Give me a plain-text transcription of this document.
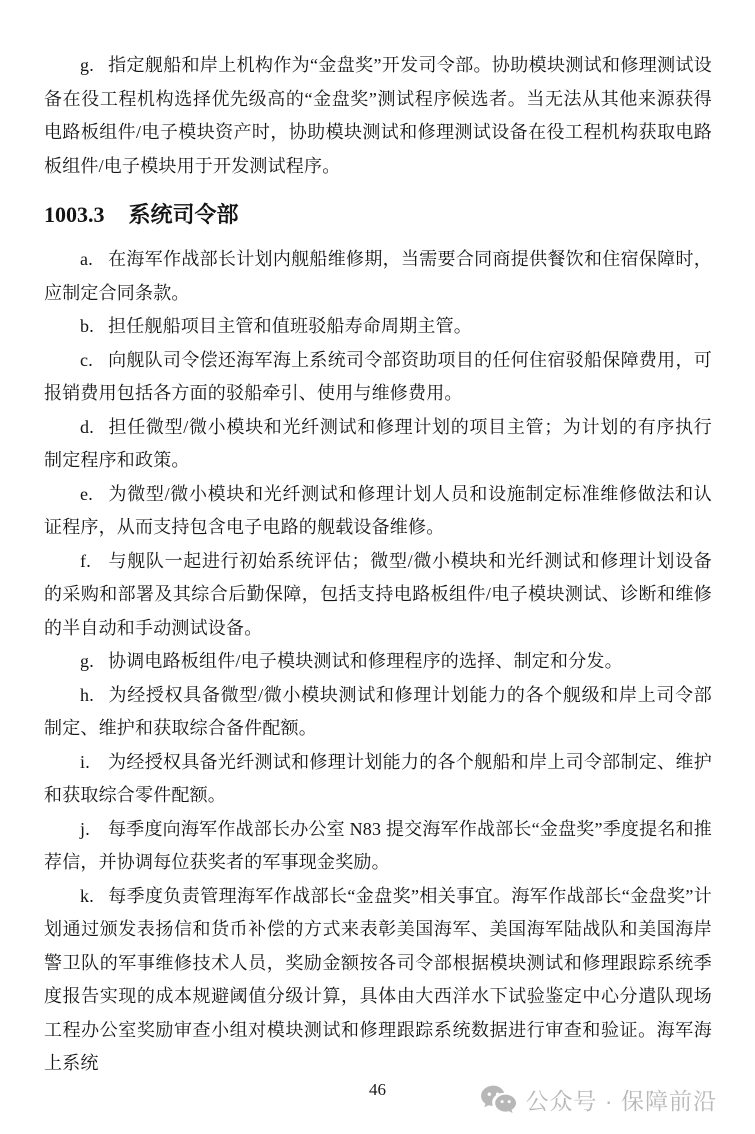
g. 指定舰船和岸上机构作为“金盘奖”开发司令部。协助模块测试和修理测试设备在役工程机构选择优先级高的“金盘奖”测试程序候选者。当无法从其他来源获得电路板组件/电子模块资产时，协助模块测试和修理测试设备在役工程机构获取电路板组件/电子模块用于开发测试程序。

1003.3 系统司令部

a. 在海军作战部长计划内舰船维修期，当需要合同商提供餐饮和住宿保障时，应制定合同条款。

b. 担任舰船项目主管和值班驳船寿命周期主管。

c. 向舰队司令偿还海军海上系统司令部资助项目的任何住宿驳船保障费用，可报销费用包括各方面的驳船牵引、使用与维修费用。

d. 担任微型/微小模块和光纤测试和修理计划的项目主管；为计划的有序执行制定程序和政策。

e. 为微型/微小模块和光纤测试和修理计划人员和设施制定标准维修做法和认证程序，从而支持包含电子电路的舰载设备维修。

f. 与舰队一起进行初始系统评估；微型/微小模块和光纤测试和修理计划设备的采购和部署及其综合后勤保障，包括支持电路板组件/电子模块测试、诊断和维修的半自动和手动测试设备。

g. 协调电路板组件/电子模块测试和修理程序的选择、制定和分发。

h. 为经授权具备微型/微小模块测试和修理计划能力的各个舰级和岸上司令部制定、维护和获取综合备件配额。

i. 为经授权具备光纤测试和修理计划能力的各个舰船和岸上司令部制定、维护和获取综合零件配额。

j. 每季度向海军作战部长办公室 N83 提交海军作战部长“金盘奖”季度提名和推荐信，并协调每位获奖者的军事现金奖励。

k. 每季度负责管理海军作战部长“金盘奖”相关事宜。海军作战部长“金盘奖”计划通过颁发表扬信和货币补偿的方式来表彰美国海军、美国海军陆战队和美国海岸警卫队的军事维修技术人员，奖励金额按各司令部根据模块测试和修理跟踪系统季度报告实现的成本规避阈值分级计算，具体由大西洋水下试验鉴定中心分遣队现场工程办公室奖励审查小组对模块测试和修理跟踪系统数据进行审查和验证。海军海上系统

46	公众号 · 保障前沿
